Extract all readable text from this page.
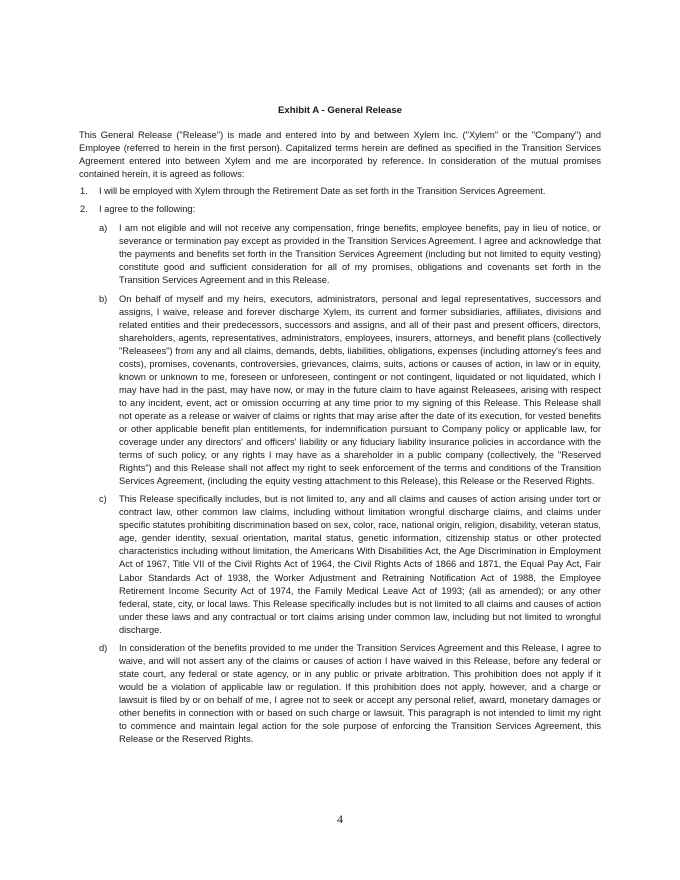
Exhibit A - General Release
This General Release ("Release") is made and entered into by and between Xylem Inc. ("Xylem" or the "Company") and Employee (referred to herein in the first person). Capitalized terms herein are defined as specified in the Transition Services Agreement entered into between Xylem and me are incorporated by reference. In consideration of the mutual promises contained herein, it is agreed as follows:
1. I will be employed with Xylem through the Retirement Date as set forth in the Transition Services Agreement.
2. I agree to the following:
a) I am not eligible and will not receive any compensation, fringe benefits, employee benefits, pay in lieu of notice, or severance or termination pay except as provided in the Transition Services Agreement. I agree and acknowledge that the payments and benefits set forth in the Transition Services Agreement (including but not limited to equity vesting) constitute good and sufficient consideration for all of my promises, obligations and covenants set forth in the Transition Services Agreement and in this Release.
b) On behalf of myself and my heirs, executors, administrators, personal and legal representatives, successors and assigns, I waive, release and forever discharge Xylem, its current and former subsidiaries, affiliates, divisions and related entities and their predecessors, successors and assigns, and all of their past and present officers, directors, shareholders, agents, representatives, administrators, employees, insurers, attorneys, and benefit plans (collectively "Releasees") from any and all claims, demands, debts, liabilities, obligations, expenses (including attorney's fees and costs), promises, covenants, controversies, grievances, claims, suits, actions or causes of action, in law or in equity, known or unknown to me, foreseen or unforeseen, contingent or not contingent, liquidated or not liquidated, which I may have had in the past, may have now, or may in the future claim to have against Releasees, arising with respect to any incident, event, act or omission occurring at any time prior to my signing of this Release. This Release shall not operate as a release or waiver of claims or rights that may arise after the date of its execution, for vested benefits or other applicable benefit plan entitlements, for indemnification pursuant to Company policy or applicable law, for coverage under any directors' and officers' liability or any fiduciary liability insurance policies in accordance with the terms of such policy, or any rights I may have as a shareholder in a public company (collectively, the "Reserved Rights") and this Release shall not affect my right to seek enforcement of the terms and conditions of the Transition Services Agreement, (including the equity vesting attachment to this Release), this Release or the Reserved Rights.
c) This Release specifically includes, but is not limited to, any and all claims and causes of action arising under tort or contract law, other common law claims, including without limitation wrongful discharge claims, and claims under specific statutes prohibiting discrimination based on sex, color, race, national origin, religion, disability, veteran status, age, gender identity, sexual orientation, marital status, genetic information, citizenship status or other protected characteristics including without limitation, the Americans With Disabilities Act, the Age Discrimination in Employment Act of 1967, Title VII of the Civil Rights Act of 1964, the Civil Rights Acts of 1866 and 1871, the Equal Pay Act, Fair Labor Standards Act of 1938, the Worker Adjustment and Retraining Notification Act of 1988, the Employee Retirement Income Security Act of 1974, the Family Medical Leave Act of 1993; (all as amended); or any other federal, state, city, or local laws. This Release specifically includes but is not limited to all claims and causes of action under these laws and any contractual or tort claims arising under common law, including but not limited to wrongful discharge.
d) In consideration of the benefits provided to me under the Transition Services Agreement and this Release, I agree to waive, and will not assert any of the claims or causes of action I have waived in this Release, before any federal or state court, any federal or state agency, or in any public or private arbitration. This prohibition does not apply if it would be a violation of applicable law or regulation. If this prohibition does not apply, however, and a charge or lawsuit is filed by or on behalf of me, I agree not to seek or accept any personal relief, award, monetary damages or other benefits in connection with or based on such charge or lawsuit. This paragraph is not intended to limit my right to commence and maintain legal action for the sole purpose of enforcing the Transition Services Agreement, this Release or the Reserved Rights.
4
